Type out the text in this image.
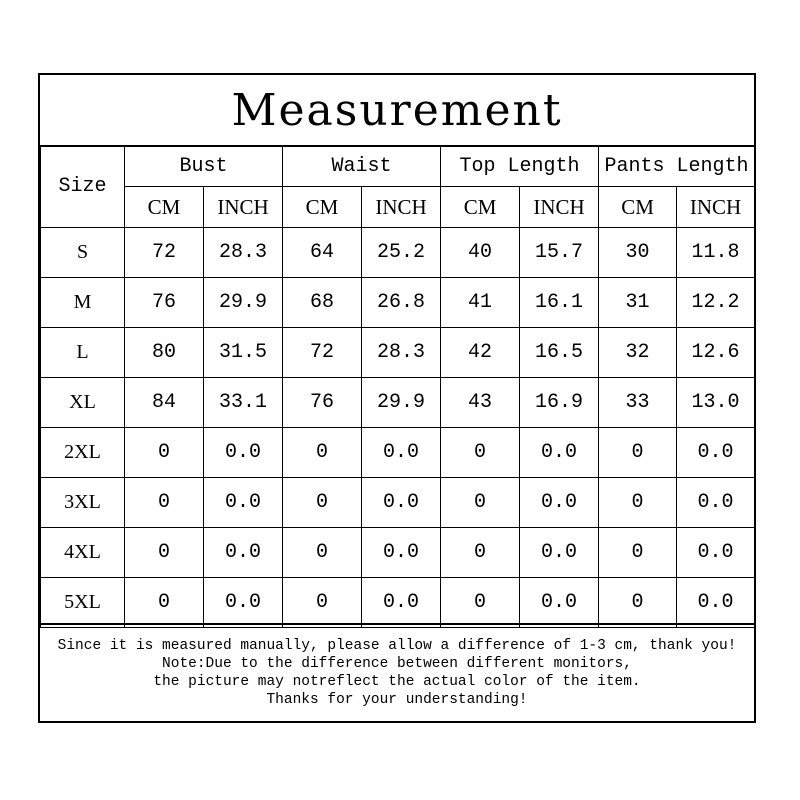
Measurement
Size	Bust		Waist		Top Length		Pants Length	
	CM	INCH	CM	INCH	CM	INCH	CM	INCH
S	72	28.3	64	25.2	40	15.7	30	11.8
M	76	29.9	68	26.8	41	16.1	31	12.2
L	80	31.5	72	28.3	42	16.5	32	12.6
XL	84	33.1	76	29.9	43	16.9	33	13.0
2XL	0	0.0	0	0.0	0	0.0	0	0.0
3XL	0	0.0	0	0.0	0	0.0	0	0.0
4XL	0	0.0	0	0.0	0	0.0	0	0.0
5XL	0	0.0	0	0.0	0	0.0	0	0.0
Since it is measured manually, please allow a difference of 1-3 cm, thank you!
Note:Due to the difference between different monitors,
the picture may notreflect the actual color of the item.
Thanks for your understanding!
